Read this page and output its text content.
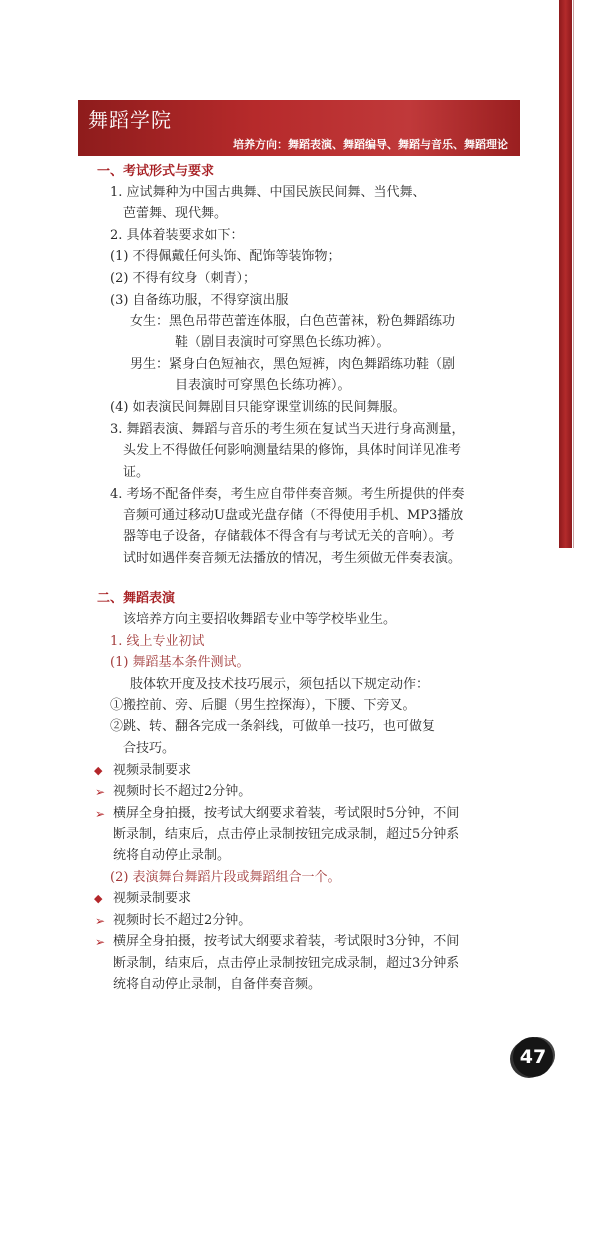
舞蹈学院
培养方向：舞蹈表演、舞蹈编导、舞蹈与音乐、舞蹈理论
一、考试形式与要求
1. 应试舞种为中国古典舞、中国民族民间舞、当代舞、
芭蕾舞、现代舞。
2. 具体着装要求如下：
(1) 不得佩戴任何头饰、配饰等装饰物；
(2) 不得有纹身（刺青）；
(3) 自备练功服，不得穿演出服
女生：黑色吊带芭蕾连体服，白色芭蕾袜，粉色舞蹈练功
鞋（剧目表演时可穿黑色长练功裤）。
男生：紧身白色短袖衣，黑色短裤，肉色舞蹈练功鞋（剧
目表演时可穿黑色长练功裤）。
(4) 如表演民间舞剧目只能穿课堂训练的民间舞服。
3. 舞蹈表演、舞蹈与音乐的考生须在复试当天进行身高测量，
头发上不得做任何影响测量结果的修饰，具体时间详见准考
证。
4. 考场不配备伴奏，考生应自带伴奏音频。考生所提供的伴奏
音频可通过移动U盘或光盘存储（不得使用手机、MP3播放
器等电子设备，存储载体不得含有与考试无关的音响）。考
试时如遇伴奏音频无法播放的情况，考生须做无伴奏表演。
二、舞蹈表演
该培养方向主要招收舞蹈专业中等学校毕业生。
1. 线上专业初试
(1) 舞蹈基本条件测试。
肢体软开度及技术技巧展示，须包括以下规定动作：
①搬控前、旁、后腿（男生控探海），下腰、下旁叉。
②跳、转、翻各完成一条斜线，可做单一技巧，也可做复
合技巧。
◆ 视频录制要求
➢ 视频时长不超过2分钟。
➢ 横屏全身拍摄，按考试大纲要求着装，考试限时5分钟，不间
断录制，结束后，点击停止录制按钮完成录制，超过5分钟系
统将自动停止录制。
(2) 表演舞台舞蹈片段或舞蹈组合一个。
◆ 视频录制要求
➢ 视频时长不超过2分钟。
➢ 横屏全身拍摄，按考试大纲要求着装，考试限时3分钟，不间
断录制，结束后，点击停止录制按钮完成录制，超过3分钟系
统将自动停止录制，自备伴奏音频。
47
